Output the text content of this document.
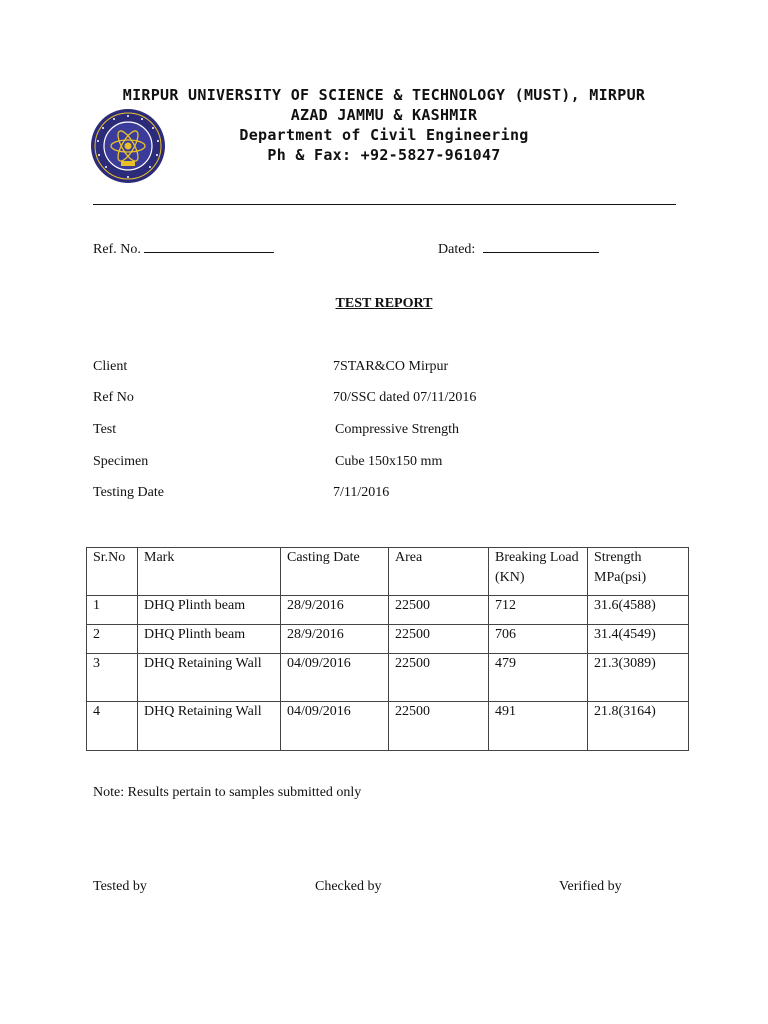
MIRPUR UNIVERSITY OF SCIENCE & TECHNOLOGY (MUST), MIRPUR
AZAD JAMMU & KASHMIR
Department of Civil Engineering
Ph & Fax: +92-5827-961047
Ref. No.	Dated:
TEST REPORT
Client	7STAR&CO Mirpur
Ref No	70/SSC dated 07/11/2016
Test	Compressive Strength
Specimen	Cube 150x150 mm
Testing Date	7/11/2016
Sr.No	Mark	Casting Date	Area	Breaking Load (KN)	Strength MPa(psi)
1	DHQ Plinth beam	28/9/2016	22500	712	31.6(4588)
2	DHQ Plinth beam	28/9/2016	22500	706	31.4(4549)
3	DHQ Retaining Wall	04/09/2016	22500	479	21.3(3089)
4	DHQ Retaining Wall	04/09/2016	22500	491	21.8(3164)
Note: Results pertain to samples submitted only
Tested by	Checked by	Verified by
